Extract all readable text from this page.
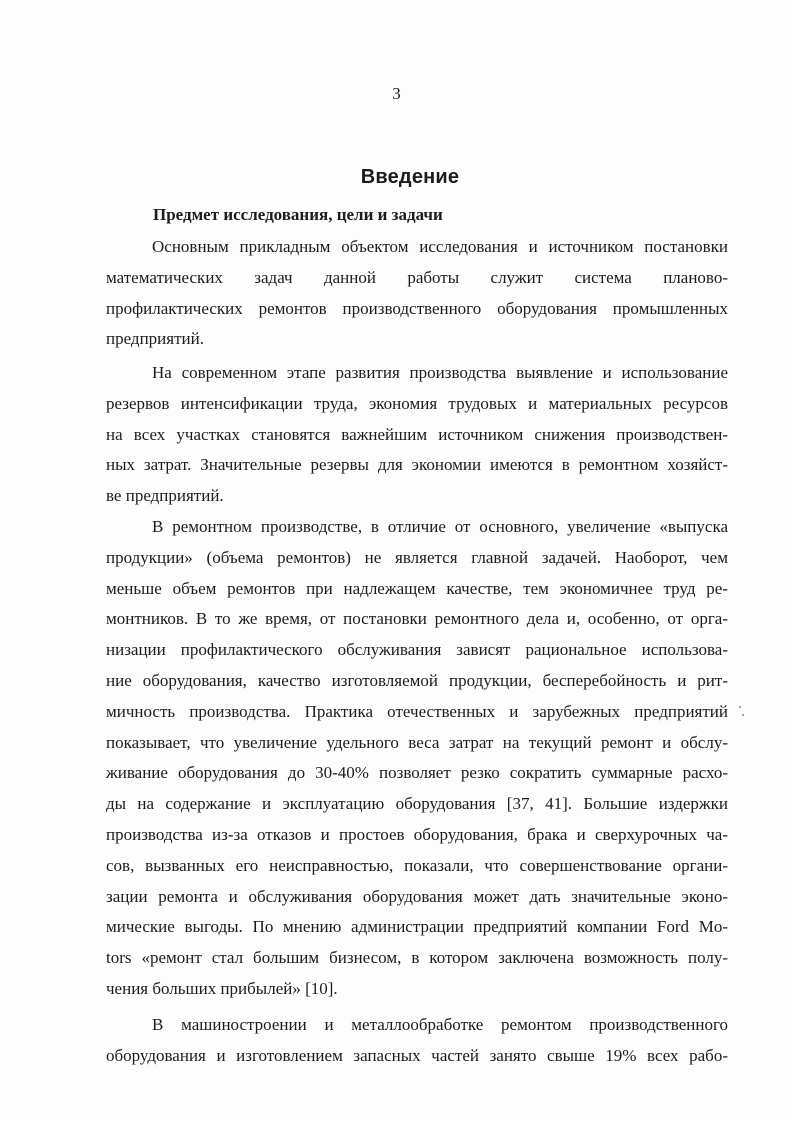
3
Введение
Предмет исследования, цели и задачи
Основным прикладным объектом исследования и источником постановки
математических задач данной работы служит система планово-
профилактических ремонтов производственного оборудования промышленных
предприятий.
На современном этапе развития производства выявление и использование
резервов интенсификации труда, экономия трудовых и материальных ресурсов
на всех участках становятся важнейшим источником снижения производствен-
ных затрат. Значительные резервы для экономии имеются в ремонтном хозяйст-
ве предприятий.
В ремонтном производстве, в отличие от основного, увеличение «выпуска
продукции» (объема ремонтов) не является главной задачей. Наоборот, чем
меньше объем ремонтов при надлежащем качестве, тем экономичнее труд ре-
монтников. В то же время, от постановки ремонтного дела и, особенно, от орга-
низации профилактического обслуживания зависят рациональное использова-
ние оборудования, качество изготовляемой продукции, бесперебойность и рит-
мичность производства. Практика отечественных и зарубежных предприятий
показывает, что увеличение удельного веса затрат на текущий ремонт и обслу-
живание оборудования до 30-40% позволяет резко сократить суммарные расхо-
ды на содержание и эксплуатацию оборудования [37, 41]. Большие издержки
производства из-за отказов и простоев оборудования, брака и сверхурочных ча-
сов, вызванных его неисправностью, показали, что совершенствование органи-
зации ремонта и обслуживания оборудования может дать значительные эконо-
мические выгоды. По мнению администрации предприятий компании Ford Mo-
tors «ремонт стал большим бизнесом, в котором заключена возможность полу-
чения больших прибылей» [10].
В машиностроении и металлообработке ремонтом производственного
оборудования и изготовлением запасных частей занято свыше 19% всех рабо-
